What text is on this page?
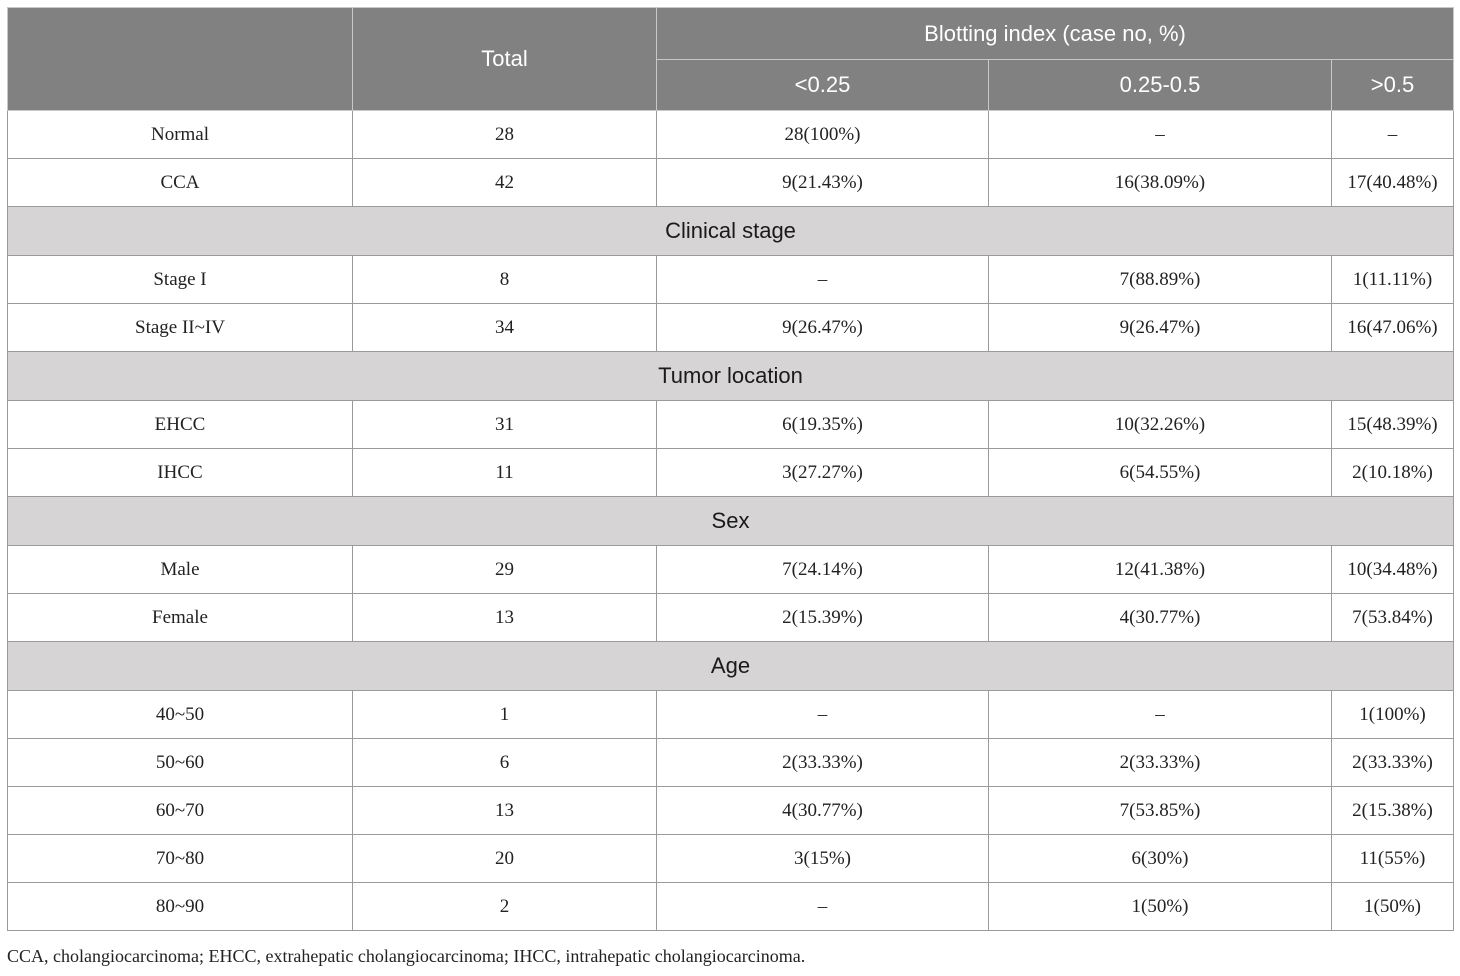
	Total	Blotting index (case no, %)		
		<0.25	0.25-0.5	>0.5
Normal	28	28(100%)	–	–
CCA	42	9(21.43%)	16(38.09%)	17(40.48%)
Clinical stage				
Stage I	8	–	7(88.89%)	1(11.11%)
Stage II~IV	34	9(26.47%)	9(26.47%)	16(47.06%)
Tumor location				
EHCC	31	6(19.35%)	10(32.26%)	15(48.39%)
IHCC	11	3(27.27%)	6(54.55%)	2(10.18%)
Sex				
Male	29	7(24.14%)	12(41.38%)	10(34.48%)
Female	13	2(15.39%)	4(30.77%)	7(53.84%)
Age				
40~50	1	–	–	1(100%)
50~60	6	2(33.33%)	2(33.33%)	2(33.33%)
60~70	13	4(30.77%)	7(53.85%)	2(15.38%)
70~80	20	3(15%)	6(30%)	11(55%)
80~90	2	–	1(50%)	1(50%)
CCA, cholangiocarcinoma; EHCC, extrahepatic cholangiocarcinoma; IHCC, intrahepatic cholangiocarcinoma.
